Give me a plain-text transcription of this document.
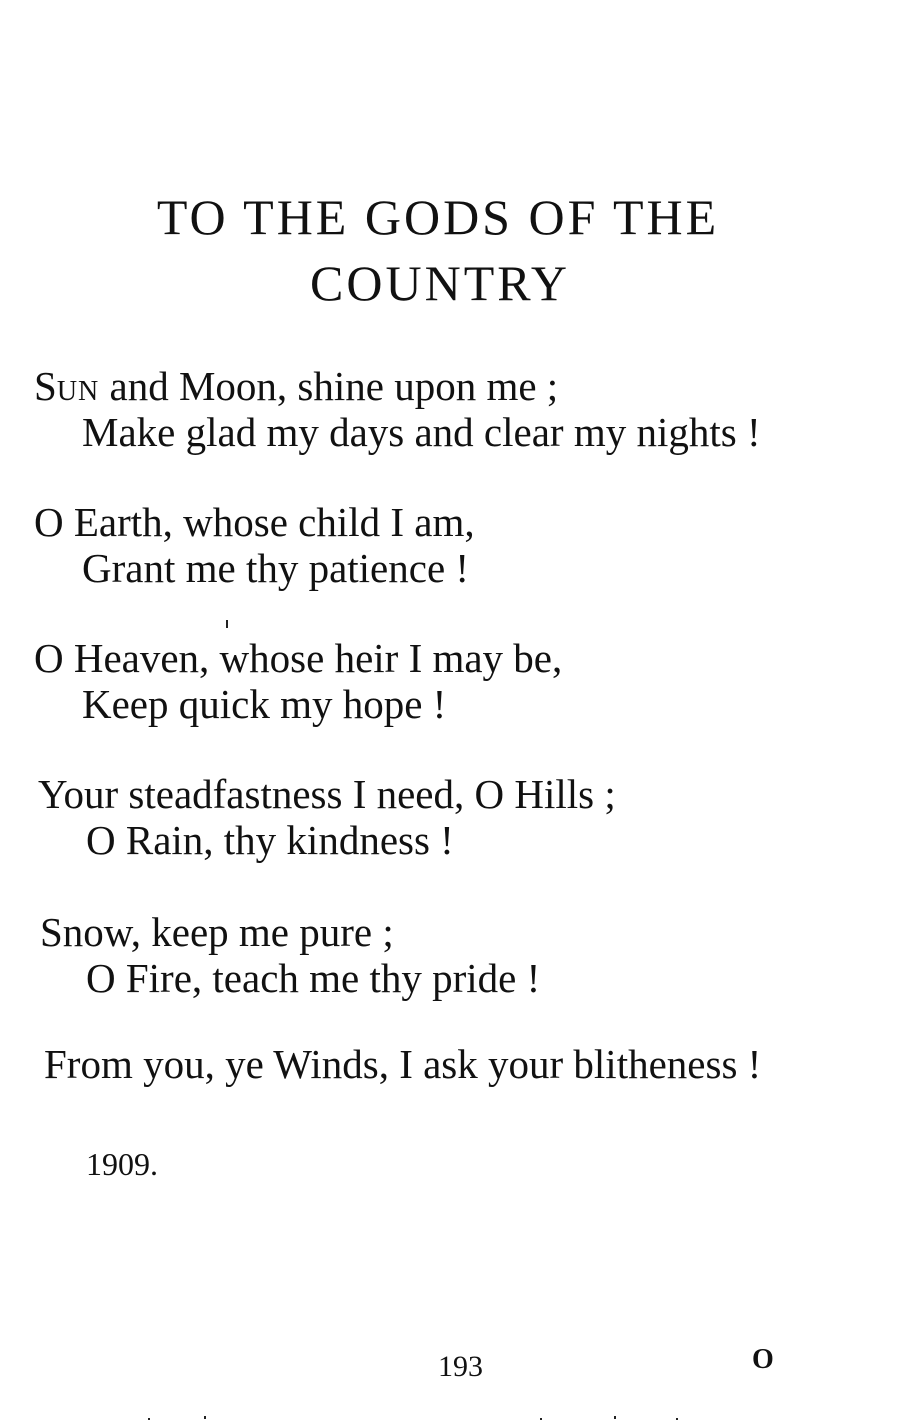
TO THE GODS OF THE
COUNTRY
SUN and Moon, shine upon me ;
Make glad my days and clear my nights !
O Earth, whose child I am,
Grant me thy patience !
O Heaven, whose heir I may be,
Keep quick my hope !
Your steadfastness I need, O Hills ;
O Rain, thy kindness !
Snow, keep me pure ;
O Fire, teach me thy pride !
From you, ye Winds, I ask your blitheness !
1909.
193	O
